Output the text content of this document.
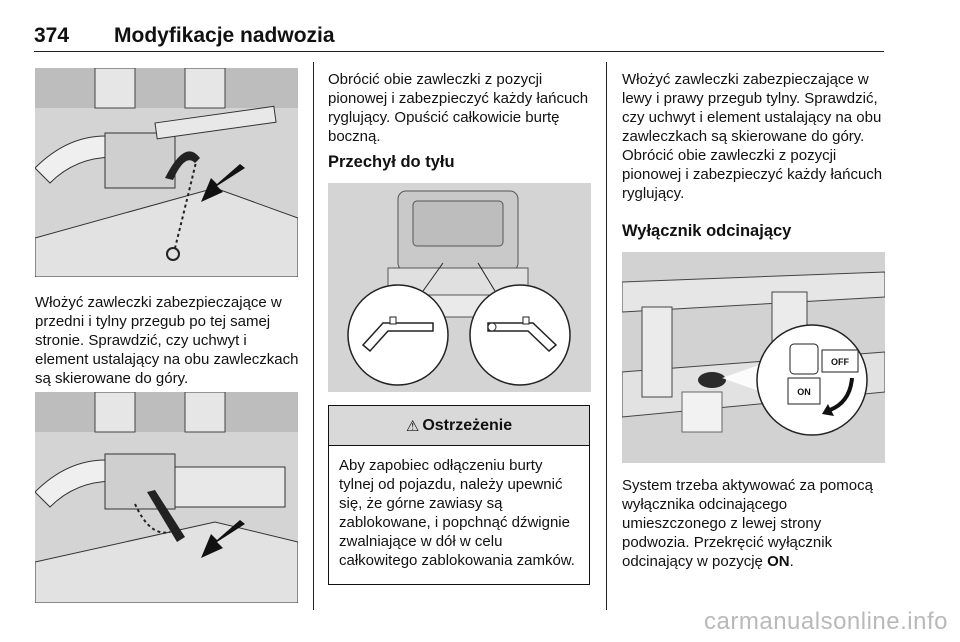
374 Modyfikacje nadwozia

Włożyć zawleczki zabezpieczające w przedni i tylny przegub po tej samej stronie. Sprawdzić, czy uchwyt i element ustalający na obu zawleczkach są skierowane do góry.

Obrócić obie zawleczki z pozycji pionowej i zabezpieczyć każdy łańcuch ryglujący. Opuścić całkowicie burtę boczną.

Przechył do tyłu
⚠ Ostrzeżenie
Aby zapobiec odłączeniu burty tylnej od pojazdu, należy upewnić się, że górne zawiasy są zablokowane, i popchnąć dźwignie zwalniające w dół w celu całkowitego zablokowania zamków.

Włożyć zawleczki zabezpieczające w lewy i prawy przegub tylny. Sprawdzić, czy uchwyt i element ustalający na obu zawleczkach są skierowane do góry. Obrócić obie zawleczki z pozycji pionowej i zabezpieczyć każdy łańcuch ryglujący.

Wyłącznik odcinający
OFF
ON

System trzeba aktywować za pomocą wyłącznika odcinającego umieszczonego z lewej strony podwozia. Przekręcić wyłącznik odcinający w pozycję ON.

carmanualsonline.info
